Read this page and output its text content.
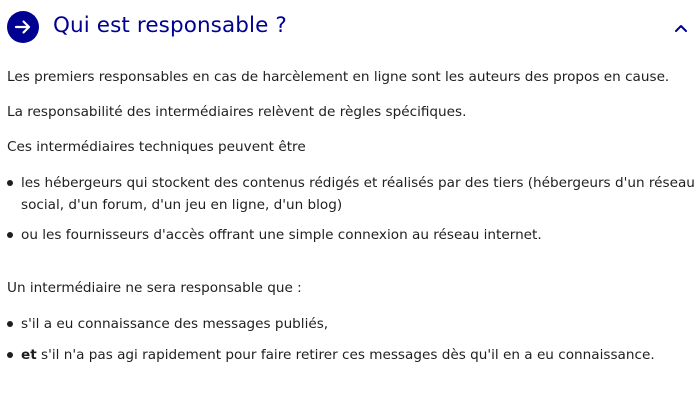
Qui est responsable ?

Les premiers responsables en cas de harcèlement en ligne sont les auteurs des propos en cause.

La responsabilité des intermédiaires relèvent de règles spécifiques.

Ces intermédiaires techniques peuvent être

les hébergeurs qui stockent des contenus rédigés et réalisés par des tiers (hébergeurs d'un réseau
social, d'un forum, d'un jeu en ligne, d'un blog)
ou les fournisseurs d'accès offrant une simple connexion au réseau internet.

Un intermédiaire ne sera responsable que :

s'il a eu connaissance des messages publiés,
et s'il n'a pas agi rapidement pour faire retirer ces messages dès qu'il en a eu connaissance.
